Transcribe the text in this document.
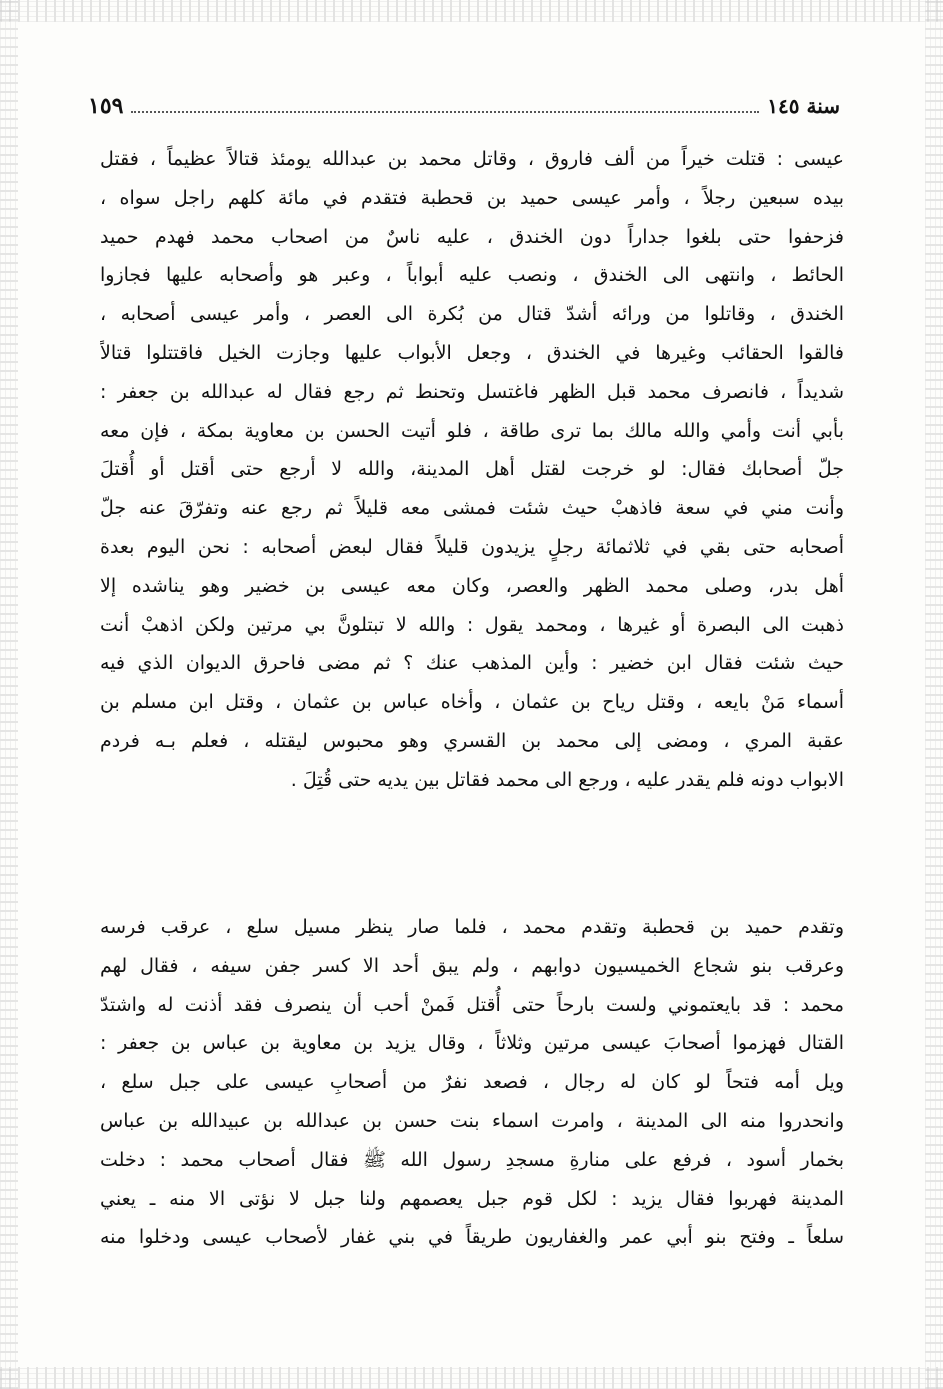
سنة ١٤٥
١٥٩
عيسى : قتلت خيراً من ألف فاروق ، وقاتل محمد بن عبدالله يومئذ قتالاً عظيماً ، فقتل
بيده سبعين رجلاً ، وأمر عيسى حميد بن قحطبة فتقدم في مائة كلهم راجل سواه ،
فزحفوا حتى بلغوا جداراً دون الخندق ، عليه ناسٌ من اصحاب محمد فهدم حميد
الحائط ، وانتهى الى الخندق ، ونصب عليه أبواباً ، وعبر هو وأصحابه عليها فجازوا
الخندق ، وقاتلوا من ورائه أشدّ قتال من بُكرة الى العصر ، وأمر عيسى أصحابه ،
فالقوا الحقائب وغيرها في الخندق ، وجعل الأبواب عليها وجازت الخيل فاقتتلوا قتالاً
شديداً ، فانصرف محمد قبل الظهر فاغتسل وتحنط ثم رجع فقال له عبدالله بن جعفر :
بأبي أنت وأمي والله مالك بما ترى طاقة ، فلو أتيت الحسن بن معاوية بمكة ، فإن معه
جلّ أصحابك فقال: لو خرجت لقتل أهل المدينة، والله لا أرجع حتى أقتل أو أُقتلَ
وأنت مني في سعة فاذهبْ حيث شئت فمشى معه قليلاً ثم رجع عنه وتفرّقَ عنه جلّ
أصحابه حتى بقي في ثلاثمائة رجلٍ يزيدون قليلاً فقال لبعض أصحابه : نحن اليوم بعدة
أهل بدر، وصلى محمد الظهر والعصر، وكان معه عيسى بن خضير وهو يناشده إلا
ذهبت الى البصرة أو غيرها ، ومحمد يقول : والله لا تبتلونَّ بي مرتين ولكن اذهبْ أنت
حيث شئت فقال ابن خضير : وأين المذهب عنك ؟ ثم مضى فاحرق الديوان الذي فيه
أسماء مَنْ بايعه ، وقتل رياح بن عثمان ، وأخاه عباس بن عثمان ، وقتل ابن مسلم بن
عقبة المري ، ومضى إلى محمد بن القسري وهو محبوس ليقتله ، فعلم بـه فردم
الابواب دونه فلم يقدر عليه ، ورجع الى محمد فقاتل بين يديه حتى قُتِلَ .
وتقدم حميد بن قحطبة وتقدم محمد ، فلما صار ينظر مسيل سلع ، عرقب فرسه
وعرقب بنو شجاع الخميسيون دوابهم ، ولم يبق أحد الا كسر جفن سيفه ، فقال لهم
محمد : قد بايعتموني ولست بارحاً حتى أُقتل فَمنْ أحب أن ينصرف فقد أذنت له واشتدّ
القتال فهزموا أصحابَ عيسى مرتين وثلاثاً ، وقال يزيد بن معاوية بن عباس بن جعفر :
ويل أمه فتحاً لو كان له رجال ، فصعد نفرٌ من أصحابِ عيسى على جبل سلع ،
وانحدروا منه الى المدينة ، وامرت اسماء بنت حسن بن عبدالله بن عبيدالله بن عباس
بخمار أسود ، فرفع على منارةِ مسجدِ رسول الله ﷺ فقال أصحاب محمد : دخلت
المدينة فهربوا فقال يزيد : لكل قوم جبل يعصمهم ولنا جبل لا نؤتى الا منه ـ يعني
سلعاً ـ وفتح بنو أبي عمر والغفاريون طريقاً في بني غفار لأصحاب عيسى ودخلوا منه
